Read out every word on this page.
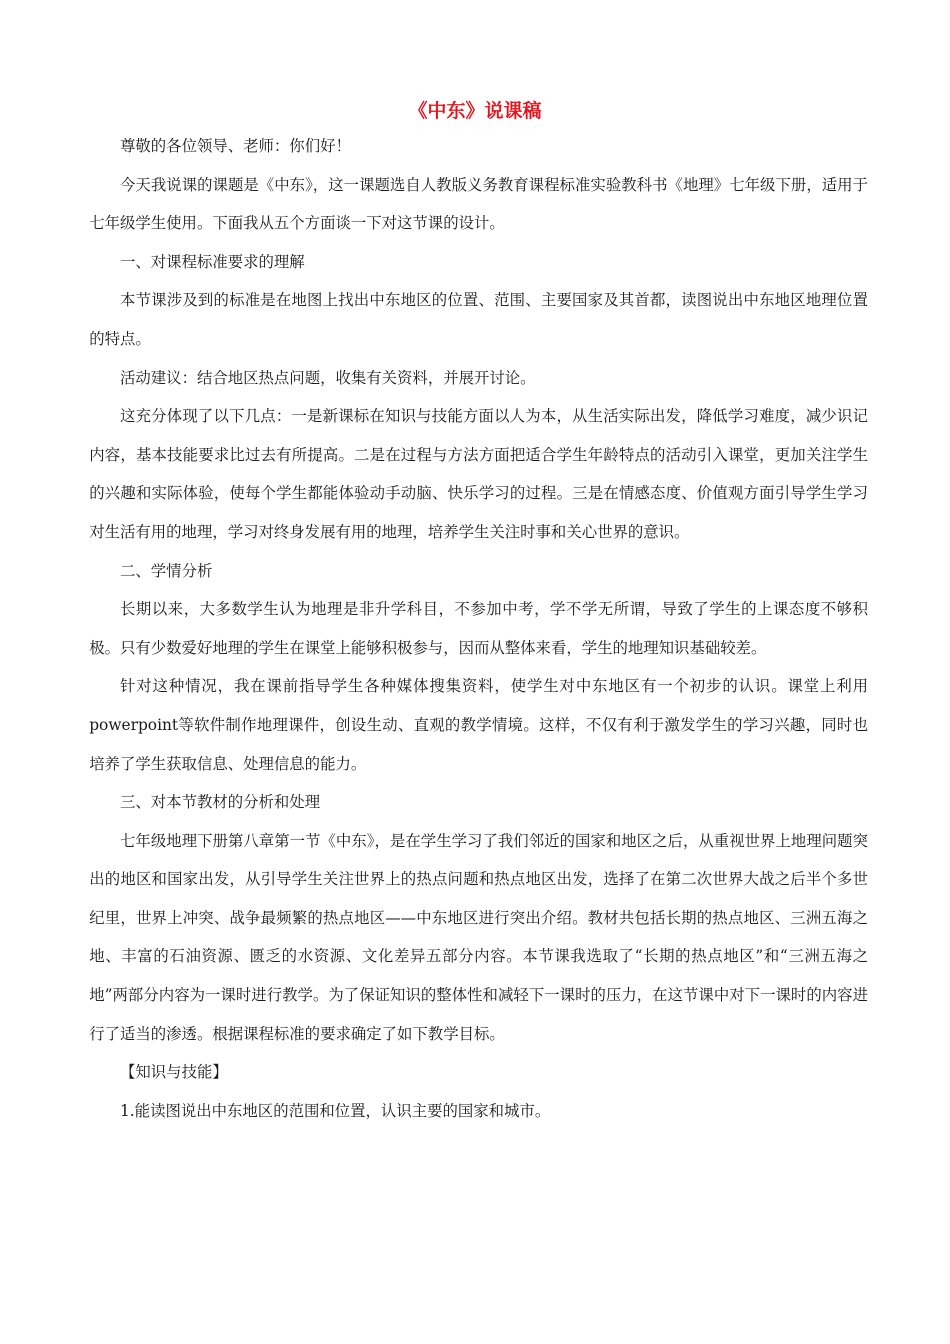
《中东》说课稿

尊敬的各位领导、老师：你们好！

今天我说课的课题是《中东》，这一课题选自人教版义务教育课程标准实验教科书《地理》七年级下册，适用于七年级学生使用。下面我从五个方面谈一下对这节课的设计。

一、对课程标准要求的理解

本节课涉及到的标准是在地图上找出中东地区的位置、范围、主要国家及其首都，读图说出中东地区地理位置的特点。

活动建议：结合地区热点问题，收集有关资料，并展开讨论。

这充分体现了以下几点：一是新课标在知识与技能方面以人为本，从生活实际出发，降低学习难度，减少识记内容，基本技能要求比过去有所提高。二是在过程与方法方面把适合学生年龄特点的活动引入课堂，更加关注学生的兴趣和实际体验，使每个学生都能体验动手动脑、快乐学习的过程。三是在情感态度、价值观方面引导学生学习对生活有用的地理，学习对终身发展有用的地理，培养学生关注时事和关心世界的意识。

二、学情分析

长期以来，大多数学生认为地理是非升学科目，不参加中考，学不学无所谓，导致了学生的上课态度不够积极。只有少数爱好地理的学生在课堂上能够积极参与，因而从整体来看，学生的地理知识基础较差。

针对这种情况，我在课前指导学生各种媒体搜集资料，使学生对中东地区有一个初步的认识。课堂上利用powerpoint等软件制作地理课件，创设生动、直观的教学情境。这样，不仅有利于激发学生的学习兴趣，同时也培养了学生获取信息、处理信息的能力。

三、对本节教材的分析和处理

七年级地理下册第八章第一节《中东》，是在学生学习了我们邻近的国家和地区之后，从重视世界上地理问题突出的地区和国家出发，从引导学生关注世界上的热点问题和热点地区出发，选择了在第二次世界大战之后半个多世纪里，世界上冲突、战争最频繁的热点地区——中东地区进行突出介绍。教材共包括长期的热点地区、三洲五海之地、丰富的石油资源、匮乏的水资源、文化差异五部分内容。本节课我选取了“长期的热点地区”和“三洲五海之地”两部分内容为一课时进行教学。为了保证知识的整体性和减轻下一课时的压力，在这节课中对下一课时的内容进行了适当的渗透。根据课程标准的要求确定了如下教学目标。

【知识与技能】

1.能读图说出中东地区的范围和位置，认识主要的国家和城市。
